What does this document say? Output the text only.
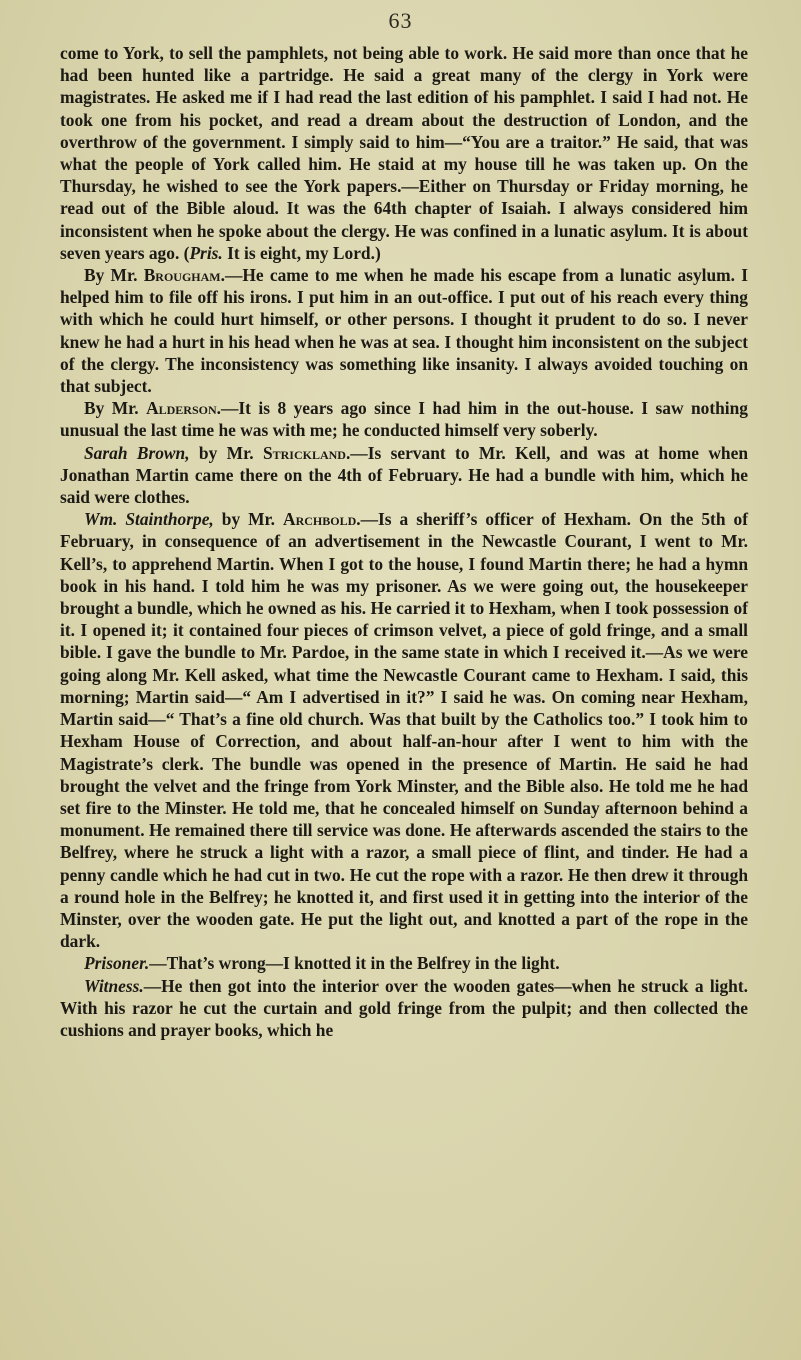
63

come to York, to sell the pamphlets, not being able to work. He said more than once that he had been hunted like a partridge. He said a great many of the clergy in York were magistrates. He asked me if I had read the last edition of his pamphlet. I said I had not. He took one from his pocket, and read a dream about the destruction of London, and the overthrow of the government. I simply said to him—“You are a traitor.” He said, that was what the people of York called him. He staid at my house till he was taken up. On the Thursday, he wished to see the York papers.—Either on Thursday or Friday morning, he read out of the Bible aloud. It was the 64th chapter of Isaiah. I always considered him inconsistent when he spoke about the clergy. He was confined in a lunatic asylum. It is about seven years ago. (Pris. It is eight, my Lord.)

By Mr. Brougham.—He came to me when he made his escape from a lunatic asylum. I helped him to file off his irons. I put him in an out-office. I put out of his reach every thing with which he could hurt himself, or other persons. I thought it prudent to do so. I never knew he had a hurt in his head when he was at sea. I thought him inconsistent on the subject of the clergy. The inconsistency was something like insanity. I always avoided touching on that subject.

By Mr. Alderson.—It is 8 years ago since I had him in the out-house. I saw nothing unusual the last time he was with me; he conducted himself very soberly.

Sarah Brown, by Mr. Strickland.—Is servant to Mr. Kell, and was at home when Jonathan Martin came there on the 4th of February. He had a bundle with him, which he said were clothes.

Wm. Stainthorpe, by Mr. Archbold.—Is a sheriff’s officer of Hexham. On the 5th of February, in consequence of an advertisement in the Newcastle Courant, I went to Mr. Kell’s, to apprehend Martin. When I got to the house, I found Martin there; he had a hymn book in his hand. I told him he was my prisoner. As we were going out, the housekeeper brought a bundle, which he owned as his. He carried it to Hexham, when I took possession of it. I opened it; it contained four pieces of crimson velvet, a piece of gold fringe, and a small bible. I gave the bundle to Mr. Pardoe, in the same state in which I received it.—As we were going along Mr. Kell asked, what time the Newcastle Courant came to Hexham. I said, this morning; Martin said—“ Am I advertised in it?” I said he was. On coming near Hexham, Martin said—“ That’s a fine old church. Was that built by the Catholics too.” I took him to Hexham House of Correction, and about half-an-hour after I went to him with the Magistrate’s clerk. The bundle was opened in the presence of Martin. He said he had brought the velvet and the fringe from York Minster, and the Bible also. He told me he had set fire to the Minster. He told me, that he concealed himself on Sunday afternoon behind a monument. He remained there till service was done. He afterwards ascended the stairs to the Belfrey, where he struck a light with a razor, a small piece of flint, and tinder. He had a penny candle which he had cut in two. He cut the rope with a razor. He then drew it through a round hole in the Belfrey; he knotted it, and first used it in getting into the interior of the Minster, over the wooden gate. He put the light out, and knotted a part of the rope in the dark.

Prisoner.—That’s wrong—I knotted it in the Belfrey in the light.

Witness.—He then got into the interior over the wooden gates—when he struck a light. With his razor he cut the curtain and gold fringe from the pulpit; and then collected the cushions and prayer books, which he
